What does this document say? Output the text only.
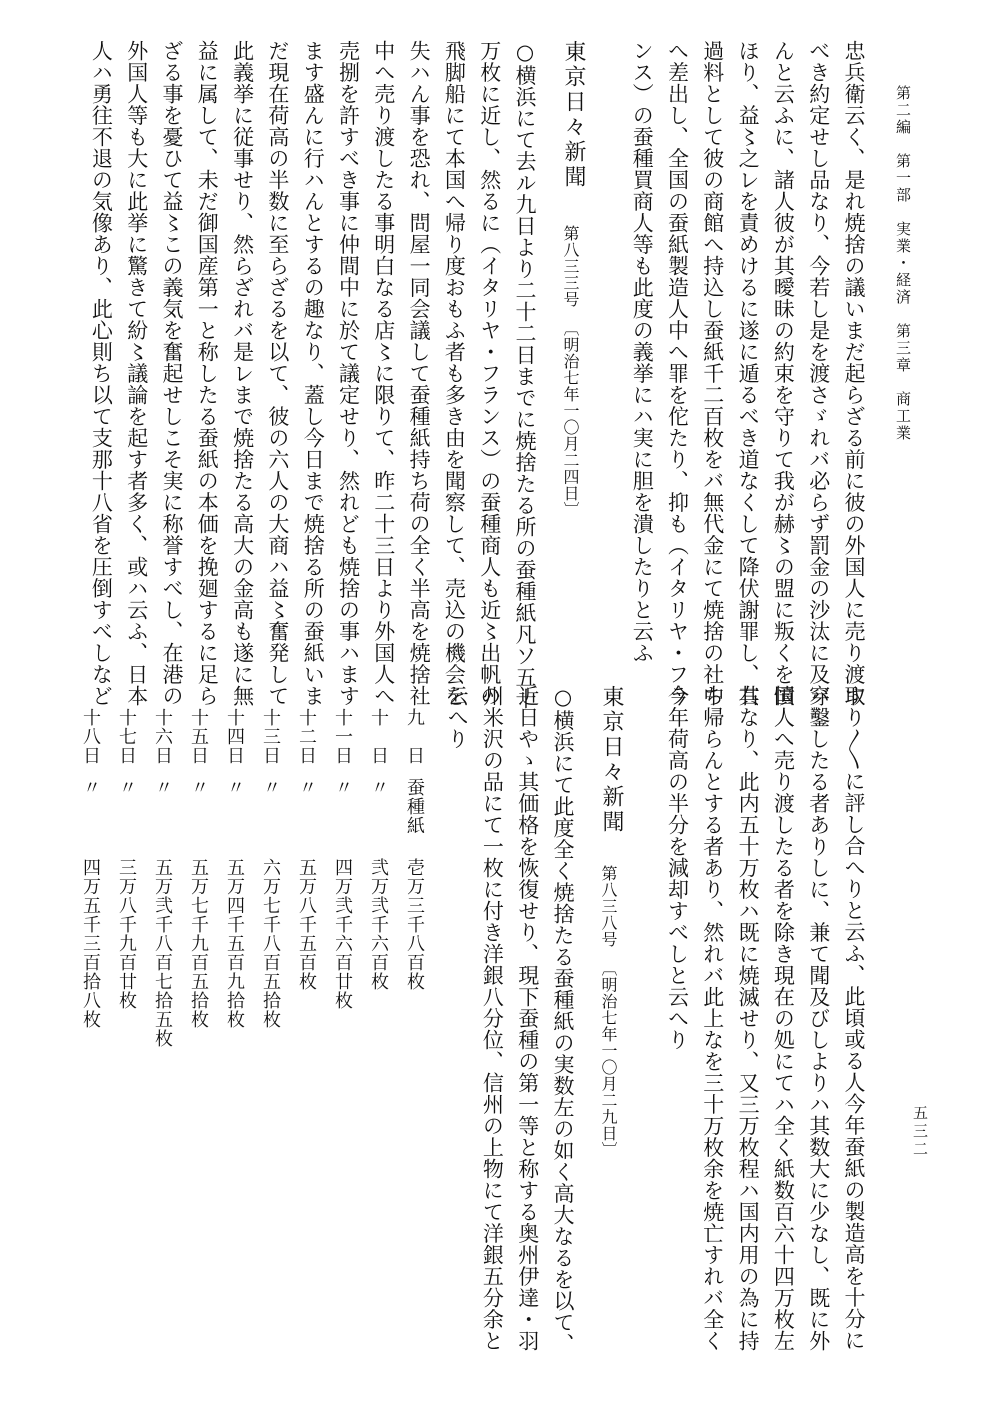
第二編　第一部　実業・経済　第三章　商工業
五三二
忠兵衛云く、是れ焼捨の議いまだ起らざる前に彼の外国人に売り渡す
べき約定せし品なり、今若し是を渡さゞれバ必らず罰金の沙汰に及バ
んと云ふに、諸人彼が其曖昧の約束を守りて我が赫〻の盟に叛くを憤
ほり、益〻之レを責めけるに遂に遁るべき道なくして降伏謝罪し、其
過料として彼の商館へ持込し蚕紙千二百枚をバ無代金にて焼捨の社中
へ差出し、全国の蚕紙製造人中へ罪を佗たり、抑も（イタリヤ・フラ
ンス）の蚕種買商人等も此度の義挙にハ実に胆を潰したりと云ふ
東京日々新聞
第八三三号
〔明治七年一〇月二四日〕
○横浜にて去ル九日より二十二日までに焼捨たる所の蚕種紙凡ソ五十
万枚に近し、然るに（イタリヤ・フランス）の蚕種商人も近〻出帆の
飛脚船にて本国へ帰り度おもふ者も多き由を聞察して、売込の機会を
失ハん事を恐れ、問屋一同会議して蚕種紙持ち荷の全く半高を焼捨社
中へ売り渡したる事明白なる店〻に限りて、昨二十三日より外国人へ
売捌を許すべき事に仲間中に於て議定せり、然れども焼捨の事ハます
ます盛んに行ハんとするの趣なり、蓋し今日まで焼捨る所の蚕紙いま
だ現在荷高の半数に至らざるを以て、彼の六人の大商ハ益〻奮発して
此義挙に従事せり、然らざれバ是レまで焼捨たる高大の金高も遂に無
益に属して、未だ御国産第一と称したる蚕紙の本価を挽廻するに足ら
ざる事を憂ひて益〻この義気を奮起せしこそ実に称誉すべし、在港の
外国人等も大に此挙に驚きて紛〻議論を起す者多く、或ハ云ふ、日本
人ハ勇往不退の気像あり、此心則ち以て支那十八省を圧倒すべしなど
取り〳〵に評し合へりと云ふ、此頃或る人今年蚕紙の製造高を十分に
穿鑿したる者ありしに、兼て聞及びしよりハ其数大に少なし、既に外
国人へ売り渡したる者を除き現在の処にてハ全く紙数百六十四万枚左
右なり、此内五十万枚ハ既に焼滅せり、又三万枚程ハ国内用の為に持
ち帰らんとする者あり、然れバ此上なを三十万枚余を焼亡すれバ全く
今年荷高の半分を減却すべしと云へり
東京日々新聞
第八三八号
〔明治七年一〇月二九日〕
○横浜にて此度全く焼捨たる蚕種紙の実数左の如く高大なるを以て、
近日やゝ其価格を恢復せり、現下蚕種の第一等と称する奥州伊達・羽
州米沢の品にて一枚に付き洋銀八分位、信州の上物にて洋銀五分余と
云へり
九　日
蚕種紙
壱万三千八百枚
十　日
〃
弐万弐千六百枚
十一日
〃
四万弐千六百廿枚
十二日
〃
五万八千五百枚
十三日
〃
六万七千八百五拾枚
十四日
〃
五万四千五百九拾枚
十五日
〃
五万七千九百五拾枚
十六日
〃
五万弐千八百七拾五枚
十七日
〃
三万八千九百廿枚
十八日
〃
四万五千三百拾八枚
